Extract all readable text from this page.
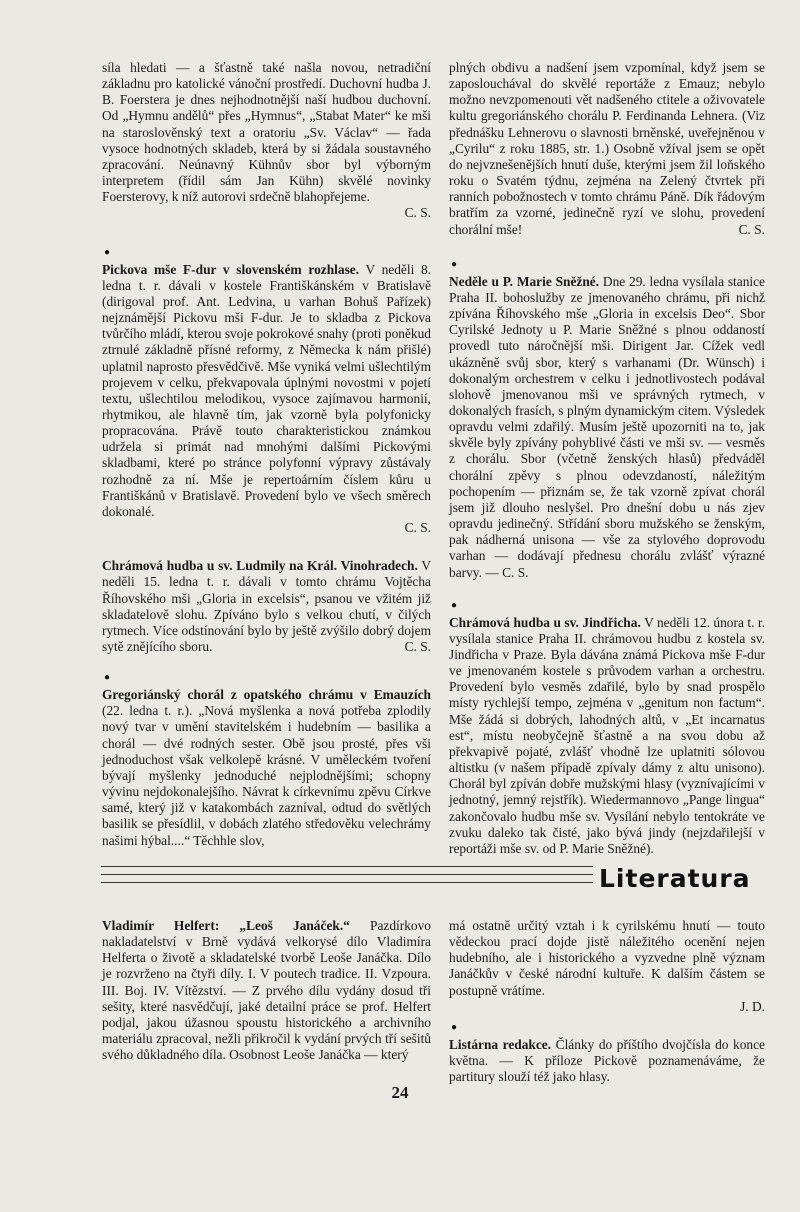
síla hledati — a šťastně také našla novou, netradiční základnu pro katolické vánoční prostředí. Duchovní hudba J. B. Foerstera je dnes nejhodnotnější naší hudbou duchovní. Od „Hymnu andělů“ přes „Hymnus“, „Stabat Mater“ ke mši na staroslověnský text a oratoriu „Sv. Václav“ — řada vysoce hodnotných skladeb, která by si žádala soustavného zpracování. Neúnavný Kühnův sbor byl výborným interpretem (řídil sám Jan Kühn) skvělé novinky Foersterovy, k níž autorovi srdečně blahopřejeme.

C. S.

●

Pickova mše F-dur v slovenském rozhlase. V neděli 8. ledna t. r. dávali v kostele Františkánském v Bratislavě (dirigoval prof. Ant. Ledvina, u varhan Bohuš Pařízek) nejznámější Pickovu mši F-dur. Je to skladba z Pickova tvůrčího mládí, kterou svoje pokrokové snahy (proti poněkud ztrnulé základně přísné reformy, z Německa k nám přišlé) uplatnil naprosto přesvědčivě. Mše vyniká velmi ušlechtilým projevem v celku, překvapovala úplnými novostmi v pojetí textu, ušlechtilou melodikou, vysoce zajímavou harmonií, rhytmikou, ale hlavně tím, jak vzorně byla polyfonicky propracována. Právě touto charakteristickou známkou udržela si primát nad mnohými dalšími Pickovými skladbami, které po stránce polyfonní výpravy zůstávaly rozhodně za ní. Mše je repertoárním číslem kůru u Františkánů v Bratislavě. Provedení bylo ve všech směrech dokonalé.

C. S.

Chrámová hudba u sv. Ludmily na Král. Vinohradech. V neděli 15. ledna t. r. dávali v tomto chrámu Vojtěcha Říhovského mši „Gloria in excelsis“, psanou ve vžitém již skladatelově slohu. Zpíváno bylo s velkou chutí, v čilých rytmech. Více odstínování bylo by ještě zvýšilo dobrý dojem sytě znějícího sboru.	C. S.

●

Gregoriánský chorál z opatského chrámu v Emauzích (22. ledna t. r.). „Nová myšlenka a nová potřeba zplodily nový tvar v umění stavitelském i hudebním — basilika a chorál — dvé rodných sester. Obě jsou prosté, přes vši jednoduchost však velkolepě krásné. V uměleckém tvoření bývají myšlenky jednoduché nejplodnějšími; schopny vývinu nejdokonalejšího. Návrat k církevnímu zpěvu Církve samé, který již v katakombách zazníval, odtud do světlých basilik se přesídlil, v dobách zlatého středověku velechrámy našimi hýbal....“ Těchhle slov,

plných obdivu a nadšení jsem vzpomínal, když jsem se zaposlouchával do skvělé reportáže z Emauz; nebylo možno nevzpomenouti vět nadšeného ctitele a oživovatele kultu gregoriánského chorálu P. Ferdinanda Lehnera. (Viz přednášku Lehnerovu o slavnosti brněnské, uveřejněnou v „Cyrilu“ z roku 1885, str. 1.) Osobně vžíval jsem se opět do nejvznešenějších hnutí duše, kterými jsem žil loňského roku o Svatém týdnu, zejména na Zelený čtvrtek při ranních pobožnostech v tomto chrámu Páně. Dík řádovým bratřím za vzorné, jedinečně ryzí ve slohu, provedení chorální mše!	C. S.

●

Neděle u P. Marie Sněžné. Dne 29. ledna vysílala stanice Praha II. bohoslužby ze jmenovaného chrámu, při nichž zpívána Říhovského mše „Gloria in excelsis Deo“. Sbor Cyrilské Jednoty u P. Marie Sněžné s plnou oddaností provedl tuto náročnější mši. Dirigent Jar. Cížek vedl ukázněně svůj sbor, který s varhanami (Dr. Wünsch) i dokonalým orchestrem v celku i jednotlivostech podával slohově jmenovanou mši ve správných rytmech, v dokonalých frasích, s plným dynamickým citem. Výsledek opravdu velmi zdařilý. Musím ještě upozorniti na to, jak skvěle byly zpívány pohyblivé části ve mši sv. — vesměs z chorálu. Sbor (včetně ženských hlasů) předváděl chorální zpěvy s plnou odevzdaností, náležitým pochopením — přiznám se, že tak vzorně zpívat chorál jsem již dlouho neslyšel. Pro dnešní dobu u nás zjev opravdu jedinečný. Střídání sboru mužského se ženským, pak nádherná unisona — vše za stylového doprovodu varhan — dodávají přednesu chorálu zvlášť výrazné barvy. — C. S.

●

Chrámová hudba u sv. Jindřicha. V neděli 12. února t. r. vysílala stanice Praha II. chrámovou hudbu z kostela sv. Jindřicha v Praze. Byla dávána známá Pickova mše F-dur ve jmenovaném kostele s průvodem varhan a orchestru. Provedení bylo vesměs zdařilé, bylo by snad prospělo místy rychlejší tempo, zejména v „genitum non factum“. Mše žádá si dobrých, lahodných altů, v „Et incarnatus est“, místu neobyčejně šťastně a na svou dobu až překvapivě pojaté, zvlášť vhodně lze uplatniti sólovou altistku (v našem případě zpívaly dámy z altu unisono). Chorál byl zpíván dobře mužskými hlasy (vyznívajícími v jednotný, jemný rejstřík). Wiedermannovo „Pange lingua“ zakončovalo hudbu mše sv. Vysílání nebylo tentokráte ve zvuku daleko tak čisté, jako bývá jindy (nejzdařilejší v reportáži mše sv. od P. Marie Sněžné).

Literatura

Vladimír Helfert: „Leoš Janáček.“ Pazdírkovo nakladatelství v Brně vydává velkorysé dílo Vladimíra Helferta o životě a skladatelské tvorbě Leoše Janáčka. Dílo je rozvrženo na čtyři díly. I. V poutech tradice. II. Vzpoura. III. Boj. IV. Vítězství. — Z prvého dílu vydány dosud tři sešity, které nasvědčují, jaké detailní práce se prof. Helfert podjal, jakou úžasnou spoustu historického a archivního materiálu zpracoval, nežli přikročil k vydání prvých tří sešitů svého důkladného díla. Osobnost Leoše Janáčka — který

má ostatně určitý vztah i k cyrilskému hnutí — touto vědeckou prací dojde jistě náležitého ocenění nejen hudebního, ale i historického a vyzvedne plně význam Janáčkův v české národní kultuře. K dalším částem se postupně vrátíme.

J. D.

●

Listárna redakce. Články do příštího dvojčísla do konce května. — K příloze Pickově poznamenáváme, že partitury slouží též jako hlasy.

24
